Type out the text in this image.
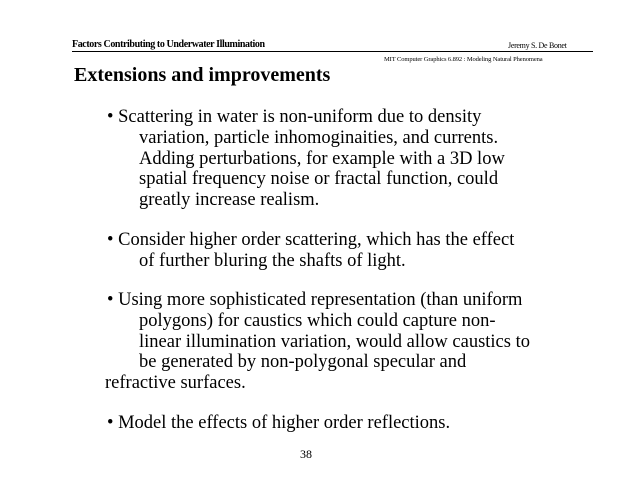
Factors Contributing to Underwater Illumination	Jeremy S. De Bonet
Extensions and improvements
MIT Computer Graphics 6.892 : Modeling Natural Phenomena
• Scattering in water is non-uniform due to density
variation, particle inhomoginaities, and currents.
Adding perturbations, for example with a 3D low
spatial frequency noise or fractal function, could
greatly increase realism.
• Consider higher order scattering, which has the effect
of further bluring the shafts of light.
• Using more sophisticated representation (than uniform
polygons) for caustics which could capture non-
linear illumination variation, would allow caustics to
be generated by non-polygonal specular and
refractive surfaces.
• Model the effects of higher order reflections.
38
